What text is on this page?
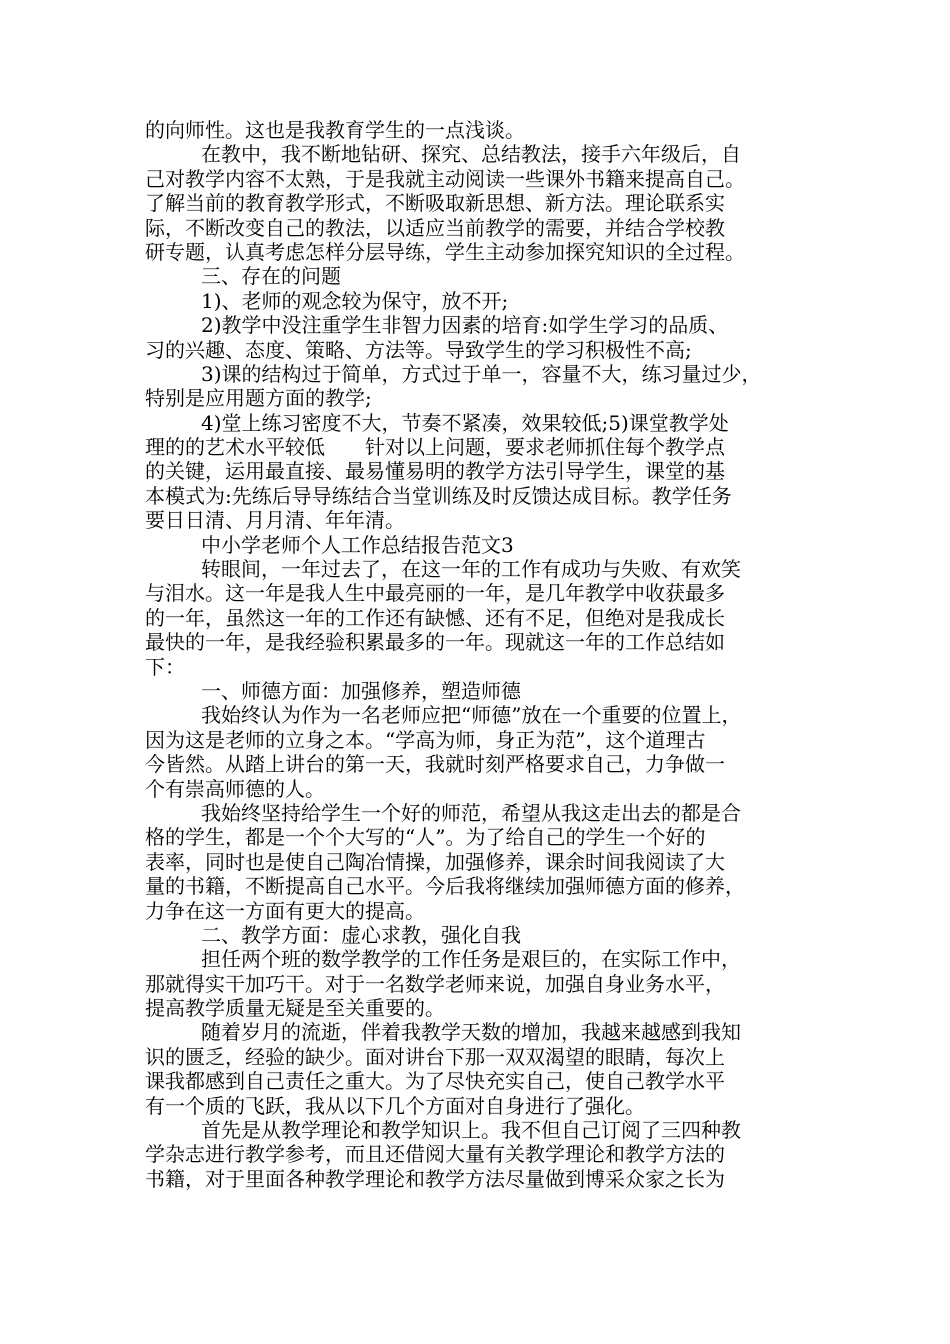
的向师性。这也是我教育学生的一点浅谈。
在教中，我不断地钻研、探究、总结教法，接手六年级后，自
己对教学内容不太熟，于是我就主动阅读一些课外书籍来提高自己。
了解当前的教育教学形式，不断吸取新思想、新方法。理论联系实
际，不断改变自己的教法，以适应当前教学的需要，并结合学校教
研专题，认真考虑怎样分层导练，学生主动参加探究知识的全过程。
三、存在的问题
1)、老师的观念较为保守，放不开;
2)教学中没注重学生非智力因素的培育:如学生学习的品质、
习的兴趣、态度、策略、方法等。导致学生的学习积极性不高;
3)课的结构过于简单，方式过于单一，容量不大，练习量过少，
特别是应用题方面的教学;
4)堂上练习密度不大，节奏不紧凑，效果较低;5)课堂教学处
理的的艺术水平较低　　针对以上问题，要求老师抓住每个教学点
的关键，运用最直接、最易懂易明的教学方法引导学生，课堂的基
本模式为:先练后导导练结合当堂训练及时反馈达成目标。教学任务
要日日清、月月清、年年清。
中小学老师个人工作总结报告范文3
转眼间，一年过去了，在这一年的工作有成功与失败、有欢笑
与泪水。这一年是我人生中最亮丽的一年，是几年教学中收获最多
的一年，虽然这一年的工作还有缺憾、还有不足，但绝对是我成长
最快的一年，是我经验积累最多的一年。现就这一年的工作总结如
下：
一、师德方面：加强修养，塑造师德
我始终认为作为一名老师应把“师德”放在一个重要的位置上，
因为这是老师的立身之本。“学高为师，身正为范”，这个道理古
今皆然。从踏上讲台的第一天，我就时刻严格要求自己，力争做一
个有崇高师德的人。
我始终坚持给学生一个好的师范，希望从我这走出去的都是合
格的学生，都是一个个大写的“人”。为了给自己的学生一个好的
表率，同时也是使自己陶冶情操，加强修养，课余时间我阅读了大
量的书籍，不断提高自己水平。今后我将继续加强师德方面的修养，
力争在这一方面有更大的提高。
二、教学方面：虚心求教，强化自我
担任两个班的数学教学的工作任务是艰巨的，在实际工作中，
那就得实干加巧干。对于一名数学老师来说，加强自身业务水平，
提高教学质量无疑是至关重要的。
随着岁月的流逝，伴着我教学天数的增加，我越来越感到我知
识的匮乏，经验的缺少。面对讲台下那一双双渴望的眼睛，每次上
课我都感到自己责任之重大。为了尽快充实自己，使自己教学水平
有一个质的飞跃，我从以下几个方面对自身进行了强化。
首先是从教学理论和教学知识上。我不但自己订阅了三四种教
学杂志进行教学参考，而且还借阅大量有关教学理论和教学方法的
书籍，对于里面各种教学理论和教学方法尽量做到博采众家之长为
